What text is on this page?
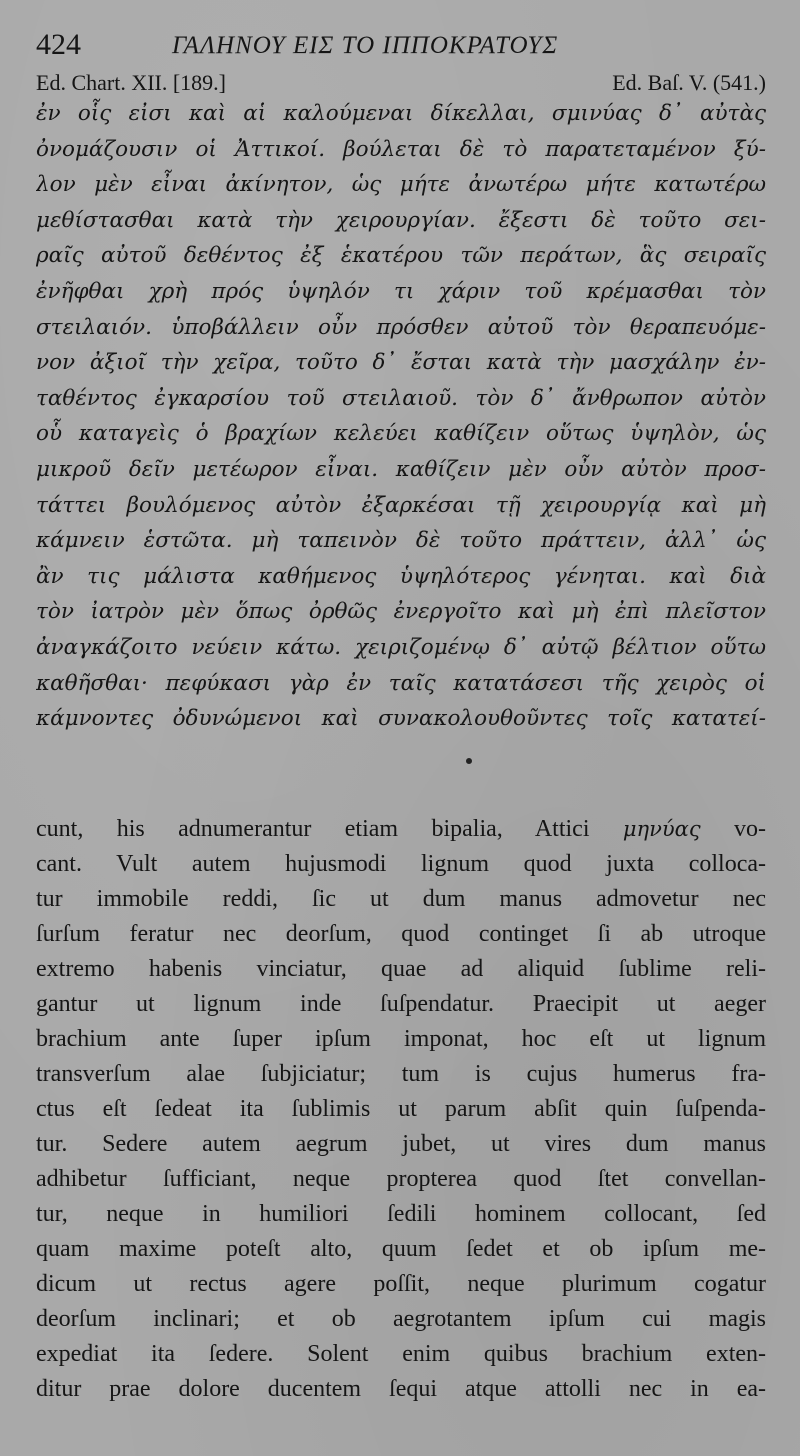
424	ΓΑΛΗΝΟΥ ΕΙΣ ΤΟ ΙΠΠΟΚΡΑΤΟΥΣ
Ed. Chart. XII. [189.]	Ed. Baſ. V. (541.)
ἐν οἷς εἰσι καὶ αἱ καλούμεναι δίκελλαι, σμινύας δ᾽ αὐτὰς
ὀνομάζουσιν οἱ Ἀττικοί. βούλεται δὲ τὸ παρατεταμένον ξύ-
λον μὲν εἶναι ἀκίνητον, ὡς μήτε ἀνωτέρω μήτε κατωτέρω
μεθίστασθαι κατὰ τὴν χειρουργίαν. ἔξεστι δὲ τοῦτο σει-
ραῖς αὐτοῦ δεθέντος ἐξ ἑκατέρου τῶν περάτων, ἃς σειραῖς
ἐνῆφθαι χρὴ πρός ὑψηλόν τι χάριν τοῦ κρέμασθαι τὸν
στειλαιόν. ὑποβάλλειν οὖν πρόσθεν αὐτοῦ τὸν θεραπευόμε-
νον ἀξιοῖ τὴν χεῖρα, τοῦτο δ᾽ ἔσται κατὰ τὴν μασχάλην ἐν-
ταθέντος ἐγκαρσίου τοῦ στειλαιοῦ. τὸν δ᾽ ἄνθρωπον αὐτὸν
οὗ καταγεὶς ὁ βραχίων κελεύει καθίζειν οὕτως ὑψηλὸν, ὡς
μικροῦ δεῖν μετέωρον εἶναι. καθίζειν μὲν οὖν αὐτὸν προσ-
τάττει βουλόμενος αὐτὸν ἐξαρκέσαι τῇ χειρουργίᾳ καὶ μὴ
κάμνειν ἑστῶτα. μὴ ταπεινὸν δὲ τοῦτο πράττειν, ἀλλ᾽ ὡς
ἂν τις μάλιστα καθήμενος ὑψηλότερος γένηται. καὶ διὰ
τὸν ἰατρὸν μὲν ὅπως ὀρθῶς ἐνεργοῖτο καὶ μὴ ἐπὶ πλεῖστον
ἀναγκάζοιτο νεύειν κάτω. χειριζομένῳ δ᾽ αὐτῷ βέλτιον οὕτω
καθῆσθαι· πεφύκασι γὰρ ἐν ταῖς κατατάσεσι τῆς χειρὸς οἱ
κάμνοντες ὀδυνώμενοι καὶ συνακολουθοῦντες τοῖς κατατεί-
cunt, his adnumerantur etiam bipalia, Attici μηνύας vo-
cant. Vult autem hujusmodi lignum quod juxta colloca-
tur immobile reddi, ſic ut dum manus admovetur nec
ſurſum feratur nec deorſum, quod continget ſi ab utroque
extremo habenis vinciatur, quae ad aliquid ſublime reli-
gantur ut lignum inde ſuſpendatur. Praecipit ut aeger
brachium ante ſuper ipſum imponat, hoc eſt ut lignum
transverſum alae ſubjiciatur; tum is cujus humerus fra-
ctus eſt ſedeat ita ſublimis ut parum abſit quin ſuſpenda-
tur. Sedere autem aegrum jubet, ut vires dum manus
adhibetur ſufficiant, neque propterea quod ſtet convellan-
tur, neque in humiliori ſedili hominem collocant, ſed
quam maxime poteſt alto, quum ſedet et ob ipſum me-
dicum ut rectus agere poſſit, neque plurimum cogatur
deorſum inclinari; et ob aegrotantem ipſum cui magis
expediat ita ſedere. Solent enim quibus brachium exten-
ditur prae dolore ducentem ſequi atque attolli nec in ea-
